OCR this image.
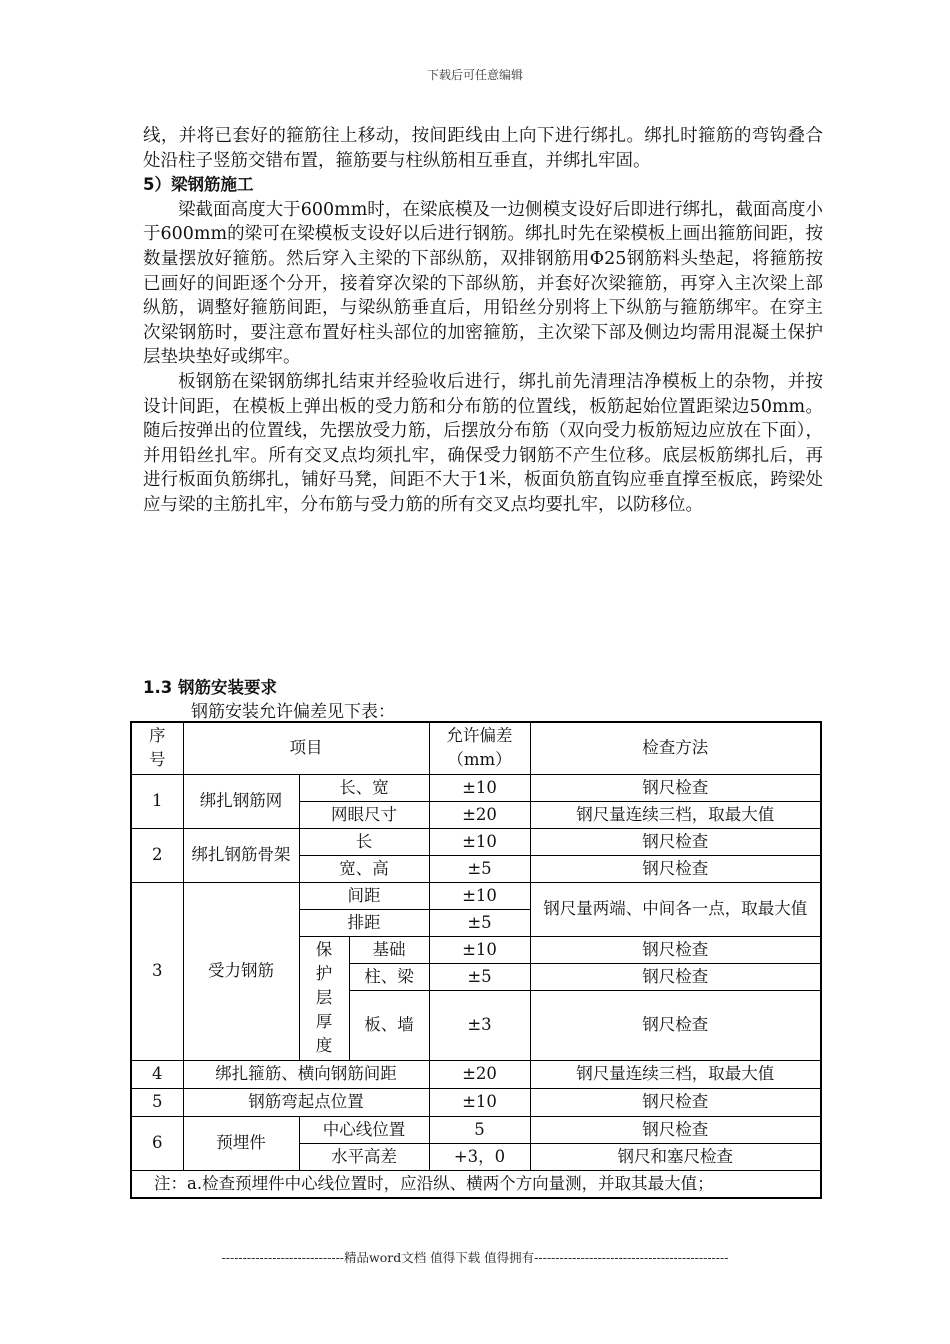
下载后可任意编辑

线，并将已套好的箍筋往上移动，按间距线由上向下进行绑扎。绑扎时箍筋的弯钩叠合处沿柱子竖筋交错布置，箍筋要与柱纵筋相互垂直，并绑扎牢固。

5）梁钢筋施工

梁截面高度大于600mm时，在梁底模及一边侧模支设好后即进行绑扎，截面高度小于600mm的梁可在梁模板支设好以后进行钢筋。绑扎时先在梁模板上画出箍筋间距，按数量摆放好箍筋。然后穿入主梁的下部纵筋，双排钢筋用Φ25钢筋料头垫起，将箍筋按已画好的间距逐个分开，接着穿次梁的下部纵筋，并套好次梁箍筋，再穿入主次梁上部纵筋，调整好箍筋间距，与梁纵筋垂直后，用铅丝分别将上下纵筋与箍筋绑牢。在穿主次梁钢筋时，要注意布置好柱头部位的加密箍筋，主次梁下部及侧边均需用混凝土保护层垫块垫好或绑牢。

板钢筋在梁钢筋绑扎结束并经验收后进行，绑扎前先清理洁净模板上的杂物，并按设计间距，在模板上弹出板的受力筋和分布筋的位置线，板筋起始位置距梁边50mm。随后按弹出的位置线，先摆放受力筋，后摆放分布筋（双向受力板筋短边应放在下面），并用铅丝扎牢。所有交叉点均须扎牢，确保受力钢筋不产生位移。底层板筋绑扎后，再进行板面负筋绑扎，铺好马凳，间距不大于1米，板面负筋直钩应垂直撑至板底，跨梁处应与梁的主筋扎牢，分布筋与受力筋的所有交叉点均要扎牢，以防移位。

1.3 钢筋安装要求
钢筋安装允许偏差见下表：
序号	项目			允许偏差（mm）	检查方法
1	绑扎钢筋网	长、宽		±10	钢尺检查
		网眼尺寸		±20	钢尺量连续三档，取最大值
2	绑扎钢筋骨架	长		±10	钢尺检查
		宽、高		±5	钢尺检查
3	受力钢筋	间距		±10	钢尺量两端、中间各一点，取最大值

		排距		±5	

		保护层厚度	基础	±10	钢尺检查
			柱、梁	±5	钢尺检查
			板、墙	±3	钢尺检查
4	绑扎箍筋、横向钢筋间距			±20	钢尺量连续三档，取最大值
5	钢筋弯起点位置			±10	钢尺检查
6	预埋件	中心线位置		5	钢尺检查
		水平高差		+3，0	钢尺和塞尺检查
注：a.检查预埋件中心线位置时，应沿纵、横两个方向量测，并取其最大值；					
-----------------------------精品word文档 值得下载 值得拥有----------------------------------------------
